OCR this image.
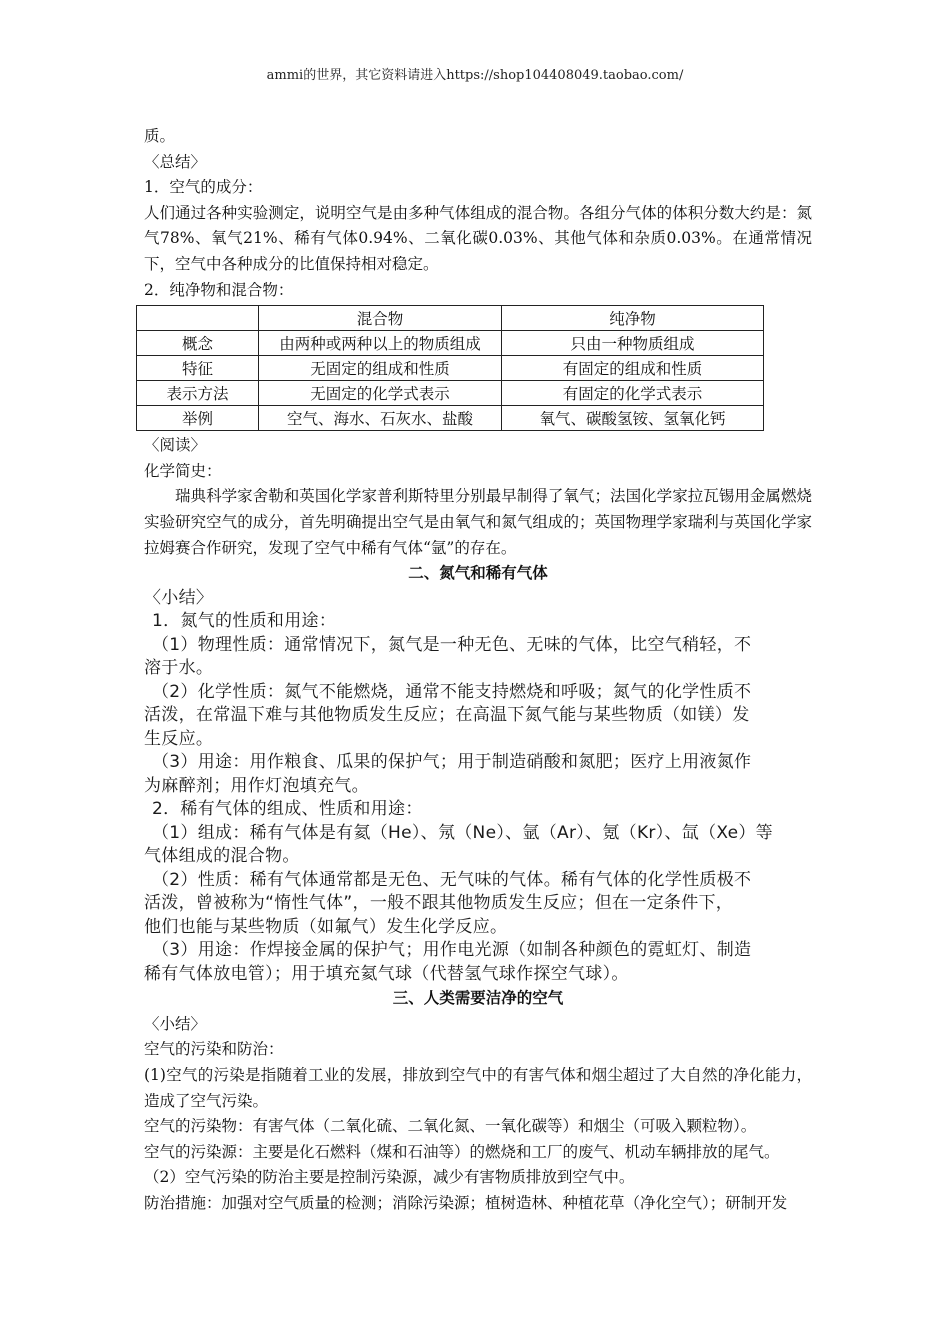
ammi的世界，其它资料请进入https://shop104408049.taobao.com/
质。
〈总结〉
1．空气的成分：
人们通过各种实验测定，说明空气是由多种气体组成的混合物。各组分气体的体积分数大约是：氮气78%、氧气21%、稀有气体0.94%、二氧化碳0.03%、其他气体和杂质0.03%。在通常情况下，空气中各种成分的比值保持相对稳定。
2．纯净物和混合物：
	混合物	纯净物
概念	由两种或两种以上的物质组成	只由一种物质组成
特征	无固定的组成和性质	有固定的组成和性质
表示方法	无固定的化学式表示	有固定的化学式表示
举例	空气、海水、石灰水、盐酸	氧气、碳酸氢铵、氢氧化钙
〈阅读〉
化学简史：
瑞典科学家舍勒和英国化学家普利斯特里分别最早制得了氧气；法国化学家拉瓦锡用金属燃烧实验研究空气的成分，首先明确提出空气是由氧气和氮气组成的；英国物理学家瑞利与英国化学家拉姆赛合作研究，发现了空气中稀有气体“氩”的存在。
二、氮气和稀有气体
〈小结〉
1．氮气的性质和用途：
（1）物理性质：通常情况下，氮气是一种无色、无味的气体，比空气稍轻，不
溶于水。
（2）化学性质：氮气不能燃烧，通常不能支持燃烧和呼吸；氮气的化学性质不
活泼，在常温下难与其他物质发生反应；在高温下氮气能与某些物质（如镁）发
生反应。
（3）用途：用作粮食、瓜果的保护气；用于制造硝酸和氮肥；医疗上用液氮作
为麻醉剂；用作灯泡填充气。
2．稀有气体的组成、性质和用途：
（1）组成：稀有气体是有氦（He）、氖（Ne）、氩（Ar）、氪（Kr）、氙（Xe）等
气体组成的混合物。
（2）性质：稀有气体通常都是无色、无气味的气体。稀有气体的化学性质极不
活泼，曾被称为“惰性气体”，一般不跟其他物质发生反应；但在一定条件下，
他们也能与某些物质（如氟气）发生化学反应。
（3）用途：作焊接金属的保护气；用作电光源（如制各种颜色的霓虹灯、制造
稀有气体放电管）；用于填充氦气球（代替氢气球作探空气球）。
三、人类需要洁净的空气
〈小结〉
空气的污染和防治：
(1)空气的污染是指随着工业的发展，排放到空气中的有害气体和烟尘超过了大自然的净化能力，造成了空气污染。
空气的污染物：有害气体（二氧化硫、二氧化氮、一氧化碳等）和烟尘（可吸入颗粒物）。
空气的污染源：主要是化石燃料（煤和石油等）的燃烧和工厂的废气、机动车辆排放的尾气。
（2）空气污染的防治主要是控制污染源，减少有害物质排放到空气中。
防治措施：加强对空气质量的检测；消除污染源；植树造林、种植花草（净化空气）；研制开发
